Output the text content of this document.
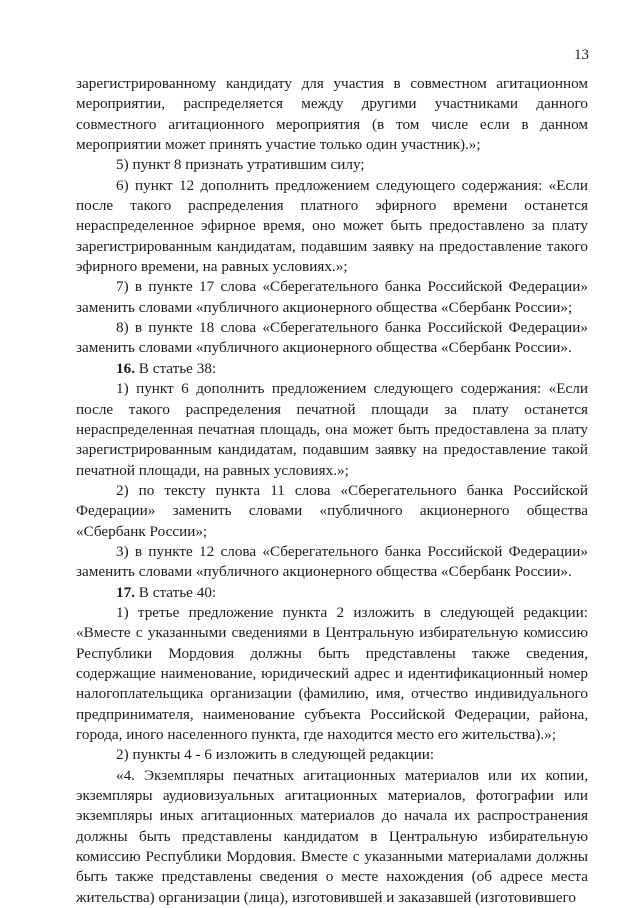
13

зарегистрированному кандидату для участия в совместном агитационном мероприятии, распределяется между другими участниками данного совместного агитационного мероприятия (в том числе если в данном мероприятии может принять участие только один участник).»;

5) пункт 8 признать утратившим силу;

6) пункт 12 дополнить предложением следующего содержания: «Если после такого распределения платного эфирного времени останется нераспределенное эфирное время, оно может быть предоставлено за плату зарегистрированным кандидатам, подавшим заявку на предоставление такого эфирного времени, на равных условиях.»;

7) в пункте 17 слова «Сберегательного банка Российской Федерации» заменить словами «публичного акционерного общества «Сбербанк России»;

8) в пункте 18 слова «Сберегательного банка Российской Федерации» заменить словами «публичного акционерного общества «Сбербанк России».

16. В статье 38:

1) пункт 6 дополнить предложением следующего содержания: «Если после такого распределения печатной площади за плату останется нераспределенная печатная площадь, она может быть предоставлена за плату зарегистрированным кандидатам, подавшим заявку на предоставление такой печатной площади, на равных условиях.»;

2) по тексту пункта 11 слова «Сберегательного банка Российской Федерации» заменить словами «публичного акционерного общества «Сбербанк России»;

3) в пункте 12 слова «Сберегательного банка Российской Федерации» заменить словами «публичного акционерного общества «Сбербанк России».

17. В статье 40:

1) третье предложение пункта 2 изложить в следующей редакции: «Вместе с указанными сведениями в Центральную избирательную комиссию Республики Мордовия должны быть представлены также сведения, содержащие наименование, юридический адрес и идентификационный номер налогоплательщика организации (фамилию, имя, отчество индивидуального предпринимателя, наименование субъекта Российской Федерации, района, города, иного населенного пункта, где находится место его жительства).»;

2) пункты 4 - 6 изложить в следующей редакции:

«4. Экземпляры печатных агитационных материалов или их копии, экземпляры аудиовизуальных агитационных материалов, фотографии или экземпляры иных агитационных материалов до начала их распространения должны быть представлены кандидатом в Центральную избирательную комиссию Республики Мордовия. Вместе с указанными материалами должны быть также представлены сведения о месте нахождения (об адресе места жительства) организации (лица), изготовившей и заказавшей (изготовившего
